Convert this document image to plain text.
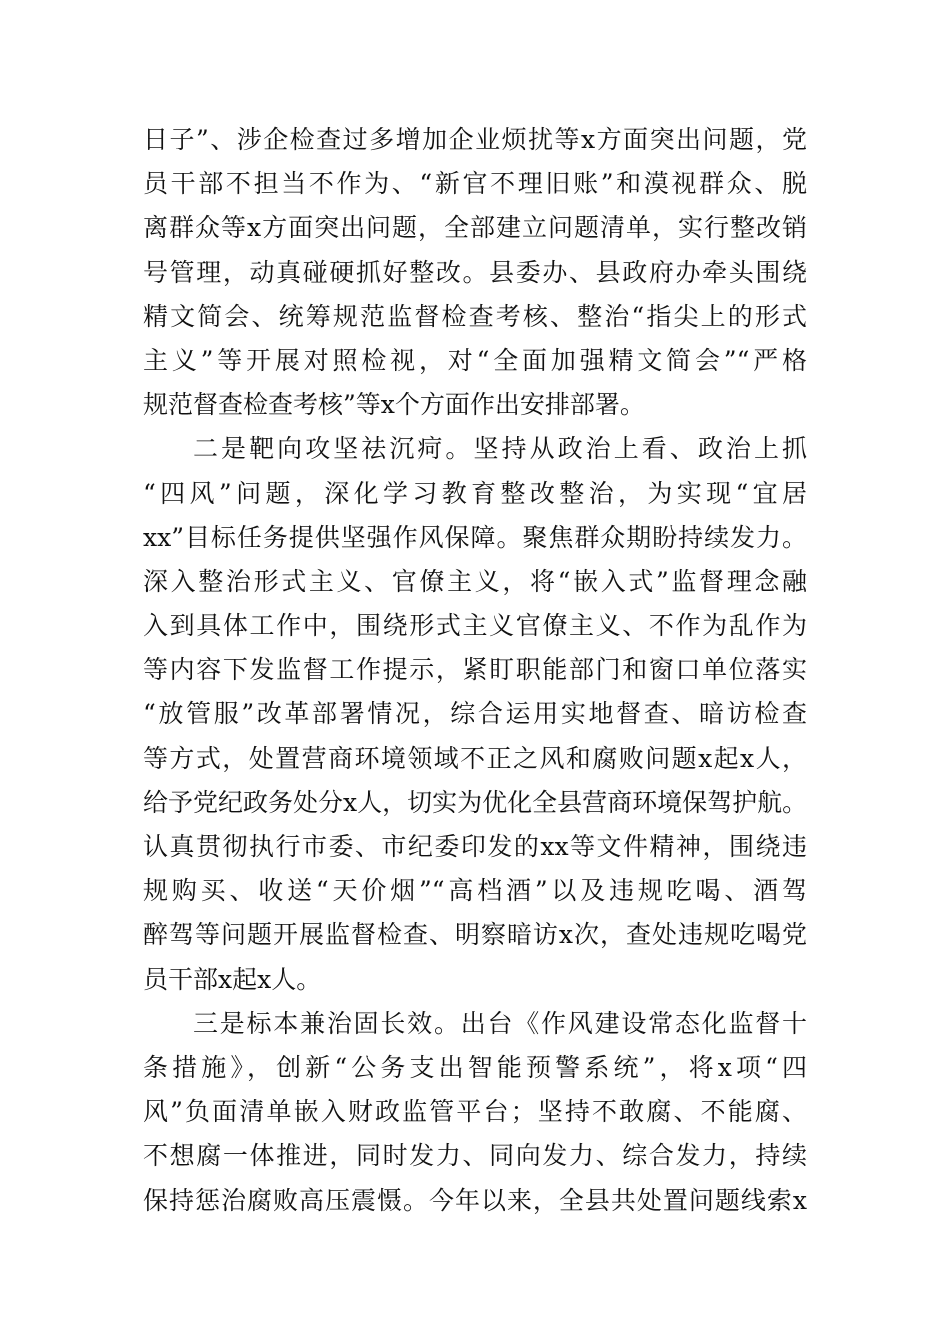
日子”、涉企检查过多增加企业烦扰等x方面突出问题，党
员干部不担当不作为、“新官不理旧账”和漠视群众、脱
离群众等x方面突出问题，全部建立问题清单，实行整改销
号管理，动真碰硬抓好整改。县委办、县政府办牵头围绕
精文简会、统筹规范监督检查考核、整治“指尖上的形式
主义”等开展对照检视，对“全面加强精文简会”“严格
规范督查检查考核”等x个方面作出安排部署。
二是靶向攻坚祛沉疴。坚持从政治上看、政治上抓
“四风”问题，深化学习教育整改整治，为实现“宜居
xx”目标任务提供坚强作风保障。聚焦群众期盼持续发力。
深入整治形式主义、官僚主义，将“嵌入式”监督理念融
入到具体工作中，围绕形式主义官僚主义、不作为乱作为
等内容下发监督工作提示，紧盯职能部门和窗口单位落实
“放管服”改革部署情况，综合运用实地督查、暗访检查
等方式，处置营商环境领域不正之风和腐败问题x起x人，
给予党纪政务处分x人，切实为优化全县营商环境保驾护航。
认真贯彻执行市委、市纪委印发的xx等文件精神，围绕违
规购买、收送“天价烟”“高档酒”以及违规吃喝、酒驾
醉驾等问题开展监督检查、明察暗访x次，查处违规吃喝党
员干部x起x人。
三是标本兼治固长效。出台《作风建设常态化监督十
条措施》，创新“公务支出智能预警系统”，将x项“四
风”负面清单嵌入财政监管平台；坚持不敢腐、不能腐、
不想腐一体推进，同时发力、同向发力、综合发力，持续
保持惩治腐败高压震慑。今年以来，全县共处置问题线索x
